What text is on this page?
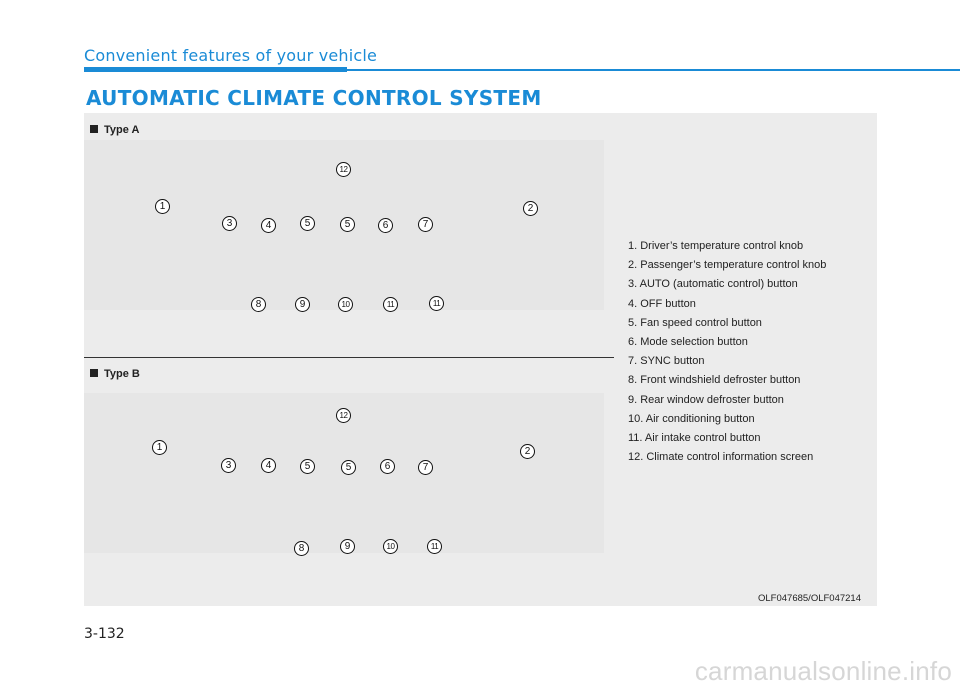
Convenient features of your vehicle
AUTOMATIC CLIMATE CONTROL SYSTEM
Type A
Type B
1	2
3	4	5	5	6	7
8	9	10	11	11
12
1	2
3	4	5	5	6	7
8	9	10	11
12
1. Driver’s temperature control knob
2. Passenger’s temperature control knob
3. AUTO (automatic control) button
4. OFF button
5. Fan speed control button
6. Mode selection button
7. SYNC button
8. Front windshield defroster button
9. Rear window defroster button
10. Air conditioning button
11. Air intake control button
12. Climate control information screen
OLF047685/OLF047214
3-132
carmanualsonline.info
